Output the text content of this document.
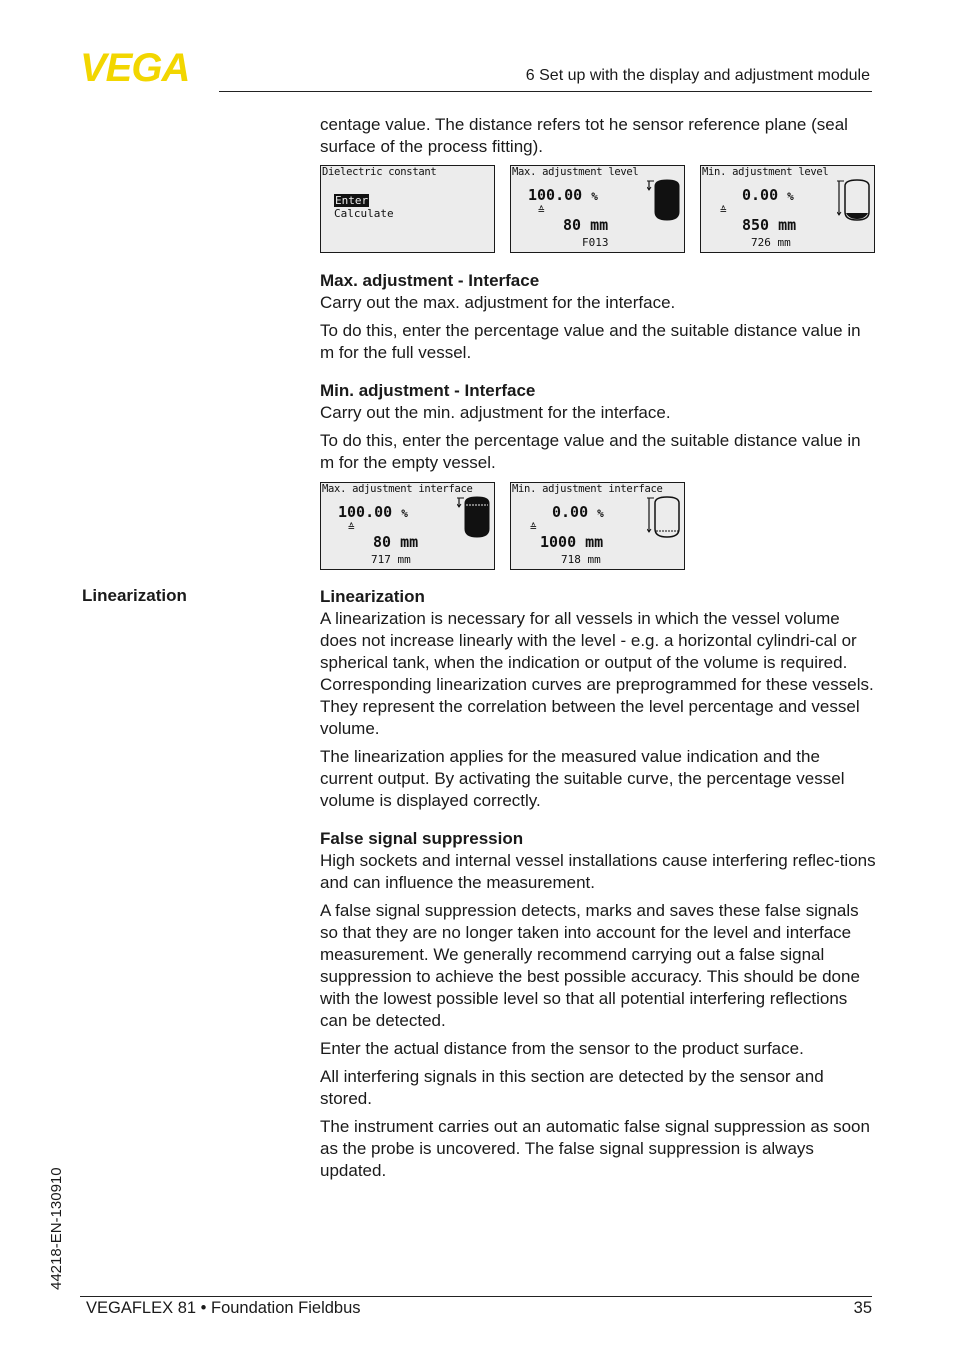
VEGA	6 Set up with the display and adjustment module

centage value. The distance refers tot he sensor reference plane (seal surface of the process fitting).

Dielectric constant
Enter
Calculate
Max. adjustment level
100.00 %
≙
80 mm
F013
Min. adjustment level
0.00 %
≙
850 mm
726 mm

Max. adjustment - Interface

Carry out the max. adjustment for the interface.

To do this, enter the percentage value and the suitable distance value in m for the full vessel.

Min. adjustment - Interface

Carry out the min. adjustment for the interface.

To do this, enter the percentage value and the suitable distance value in m for the empty vessel.

Max. adjustment interface
100.00 %
≙
80 mm
717 mm
Min. adjustment interface
0.00 %
≙
1000 mm
718 mm
Linearization	Linearization

A linearization is necessary for all vessels in which the vessel volume does not increase linearly with the level - e.g. a horizontal cylindri-cal or spherical tank, when the indication or output of the volume is required. Corresponding linearization curves are preprogrammed for these vessels. They represent the correlation between the level percentage and vessel volume.

The linearization applies for the measured value indication and the current output. By activating the suitable curve, the percentage vessel volume is displayed correctly.

False signal suppression

High sockets and internal vessel installations cause interfering reflec-tions and can influence the measurement.

A false signal suppression detects, marks and saves these false signals so that they are no longer taken into account for the level and interface measurement. We generally recommend carrying out a false signal suppression to achieve the best possible accuracy. This should be done with the lowest possible level so that all potential interfering reflections can be detected.

Enter the actual distance from the sensor to the product surface.

All interfering signals in this section are detected by the sensor and stored.

The instrument carries out an automatic false signal suppression as soon as the probe is uncovered. The false signal suppression is always updated.

44218-EN-130910
VEGAFLEX 81 • Foundation Fieldbus	35
